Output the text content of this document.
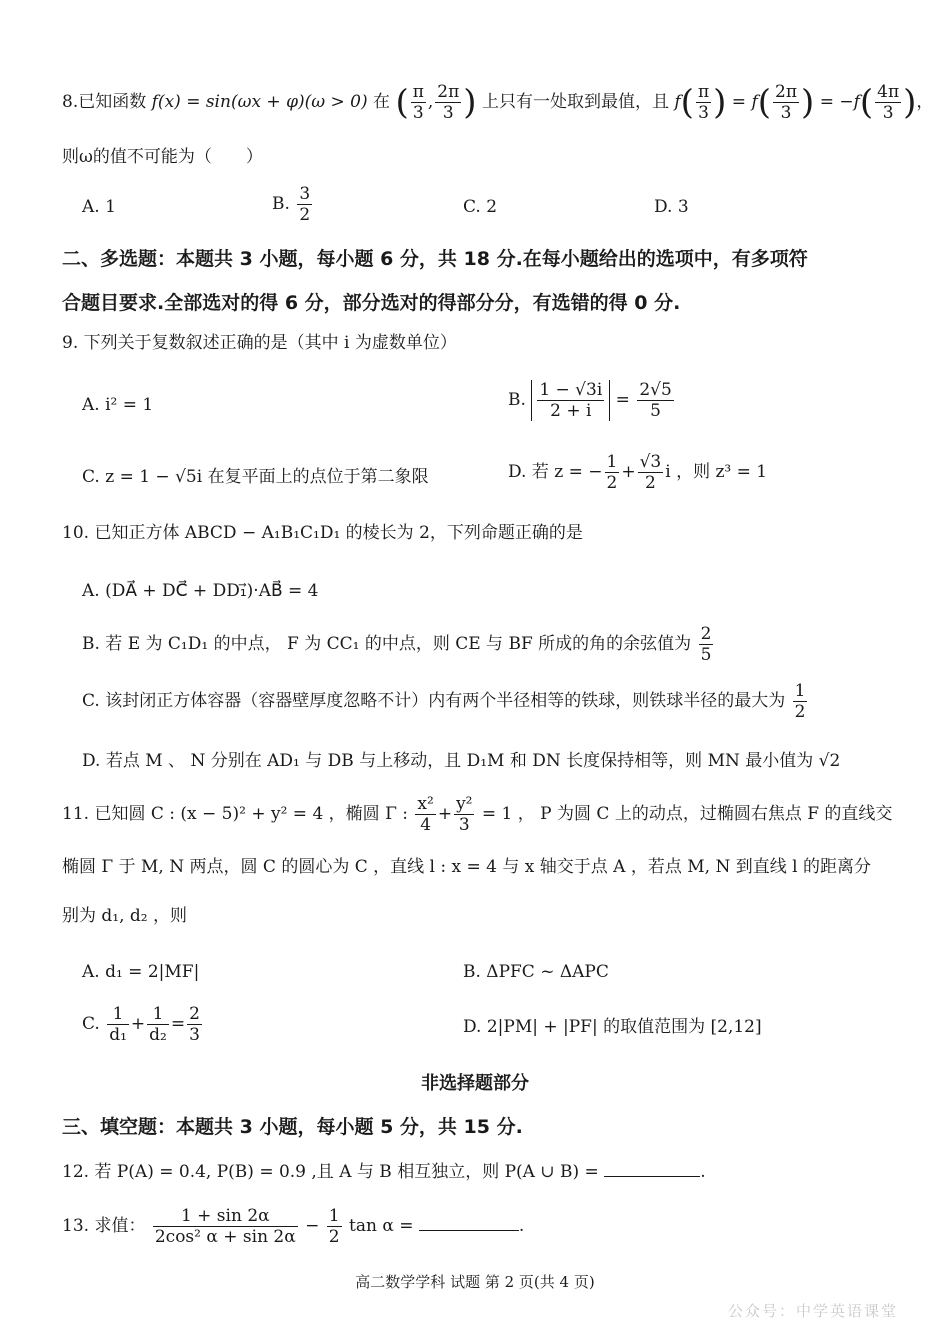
8.已知函数 f(x) = sin(ωx + φ)(ω > 0) 在 ( $\frac{\pi}{3}$ , $\frac{2\pi}{3}$ ) 上只有一处取到最值，且 $f( \frac{\pi}{3}$ ) = $f( \frac{2\pi}{3}$ ) = $-f( \frac{4\pi}{3}$ )，
则ω的值不可能为（　　）
A. 1	B. $\frac{3}{2}$	C. 2	D. 3
二、多选题：本题共 3 小题，每小题 6 分，共 18 分.在每小题给出的选项中，有多项符
合题目要求.全部选对的得 6 分，部分选对的得部分分，有选错的得 0 分.
9. 下列关于复数叙述正确的是（其中 i 为虚数单位）
A. i² = 1	B. $\frac{1 - √3i}{2 + i} = \frac{2√5}{5}$
C. z = 1 − √5i 在复平面上的点位于第二象限	D. 若 z = − $\frac{1}{2} + \frac{√3}{2}$ i ，则 z³ = 1
10. 已知正方体 ABCD − A₁B₁C₁D₁ 的棱长为 2，下列命题正确的是
A. (DA⃗ + DC⃗ + DD₁⃗)·AB⃗ = 4
B. 若 E 为 C₁D₁ 的中点， F 为 CC₁ 的中点，则 CE 与 BF 所成的角的余弦值为 $\frac{2}{5}$
C. 该封闭正方体容器（容器壁厚度忽略不计）内有两个半径相等的铁球，则铁球半径的最大为 $\frac{1}{2}$
D. 若点 M 、 N 分别在 AD₁ 与 DB 与上移动，且 D₁M 和 DN 长度保持相等，则 MN 最小值为 √2
11. 已知圆 C : (x − 5)² + y² = 4 ，椭圆 Γ : $\frac{\text{x²}}{4} + \frac{\text{y²}}{3} = 1$ ， P 为圆 C 上的动点，过椭圆右焦点 F 的直线交
椭圆 Γ 于 M, N 两点，圆 C 的圆心为 C ，直线 l : x = 4 与 x 轴交于点 A ，若点 M, N 到直线 l 的距离分
别为 d₁, d₂ ，则
A. d₁ = 2|MF|	B. ΔPFC ~ ΔAPC
C. $\frac{1}{\text{d₁}} + \frac{1}{\text{d₂}} = \frac{2}{3}$	D. 2|PM| + |PF| 的取值范围为 [2,12]
非选择题部分
三、填空题：本题共 3 小题，每小题 5 分，共 15 分.
12. 若 P(A) = 0.4, P(B) = 0.9 ,且 A 与 B 相互独立，则 P(A ∪ B) =	.
13. 求值： $\frac{1 + \sin 2\alpha}{\text{2cos² α + sin 2α}} - \frac{1}{2}$ tan α =	.
高二数学学科 试题 第 2 页(共 4 页)
公众号：中学英语课堂
